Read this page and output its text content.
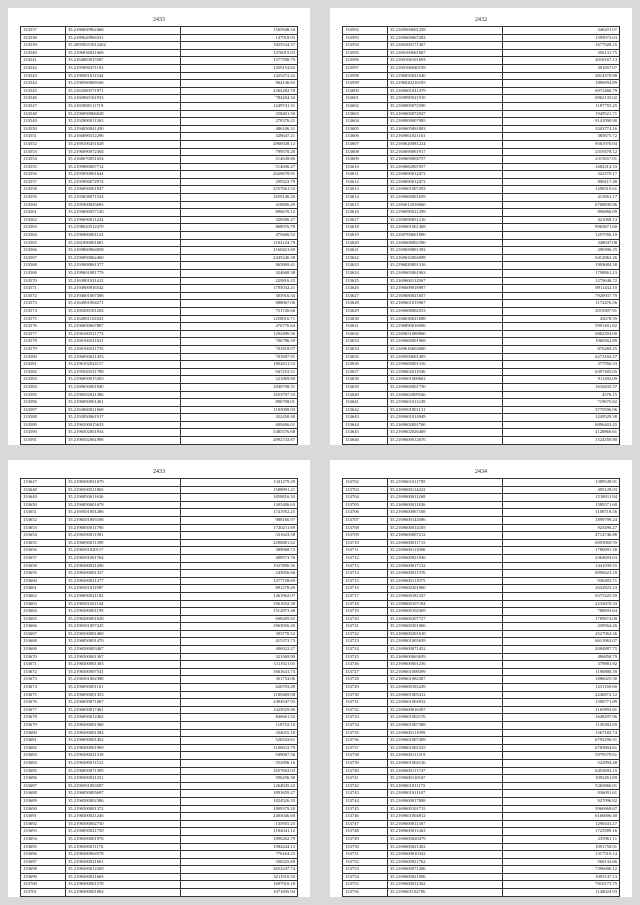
2433
133537	35.2186050962466	1565948.34
133538	35.2189620966331	147918.93
133539	35.20958551012262	1825534.37
133540	35.2196036021669	1476015.03
133541	35.2164683015587	1577598.79
133542	35.2195006371103	1459154.82
133543	35.2196901611544	1425472.42
133544	35.2196560068166	964146.65
133545	35.2163360571971	2264282.78
133546	35.2160060161933	784204.34
133547	35.2165008111719	1249741.31
133548	35.2196850066628	258401.56
133549	35.2192900011363	278376.21
133550	35.2194050041430	486106.31
133551	35.2166090312296	328647.21
133552	35.2169100451628	2966928.12
133553	35.2196090072304	799578.20
133554	35.2168670051654	514638.86
133555	35.2199800067712	514696.27
133556	35.2195850061644	2620678.91
133557	35.2193906072974	299323.79
133558	35.2196850061947	2557661.53
133559	35.2193658071534	1659146.26
133560	35.2195900025693	418896.49
133561	35.2193600057120	896670.12
133562	35.2196690011424	328396.27
133563	35.2198620512470	868976.78
133564	35.2196900061122	479466.52
133565	35.2161090061681	1162124.79
133566	35.2169860064858	2160421.60
133567	35.2196850062460	2445246.38
133568	35.2193908061377	865869.41
133569	35.2199601081779	324668.38
133570	35.2163901031412	229816.25
133571	35.2194900016542	1795032.21
133572	35.2194601007306	305916.34
133573	35.2164901004271	888067.06
133574	35.2169200101204	751726.66
133575	35.2164901101823	1258016.71
133576	35.2196850067867	476776.64
133577	35.2196100521774	1292496.56
133578	35.2169100521631	706786.59
133579	35.2169100521735	701818.97
133580	35.2196850621453	701697.91
133581	35.2196102024117	1802611.53
133582	35.2195020531788	947253.51
133583	35.2196850015303	221869.80
133584	35.2169650061840	1840798.31
133585	35.2196502021386	1653797.33
133586	35.2196850061461	896708.01
133587	35.2163000021668	1103008.03
133588	35.2192850961917	352450.30
133589	35.2196500015633	609466.01
133590	35.2196502001934	5485376.68
133591	35.2196502061896	2892743.87
2432
133592	35.2169500601258	346201.07
133593	35.2169600067283	1599072.63
133594	35.2160200171367	1677928.25
133595	35.2169100661067	356131.75
133596	35.2169106101693	2016167.13
133597	35.2169106040159	301657.07
133598	35.2196850021640	2814379.98
133599	35.2196020216195	1896994.89
133600	35.2169601041479	6972466.79
133601	35.2169090521910	6962135.02
133602	35.2169005072590	1187755.25
133603	35.2169600072947	1949521.71
133604	35.2168909007985	9141090.90
133605	35.2169605061803	3303774.16
133606	35.2169061021161	385675.72
133607	35.2169620081224	9561970.04
133608	35.2160690061917	2319478.12
133609	35.2169609004757	2315657.01
133610	35.2169682001957	1682314.33
133611	35.2169690012472	322370.17
133612	35.2169690012472	896117.48
133613	35.2169601007293	1296519.61
133614	35.2169600001659	413961.17
133615	35.2169012018660	6768839.86
133616	35.2196090021299	896866.09
133617	35.2169690051216	421068.13
133618	35.2169601061368	9963671.60
133619	35.2169700601800	1257956.10
133620	35.2169608002390	348047.08
133621	35.2169658001392	290396.25
133622	35.2169632004098	6412962.26
133623	35.2196820001316	1993684.38
133624	35.2169605061963	1798861.23
133625	35.2169600112967	1279646.72
133626	35.2196609018987	8911432.10
133627	35.2169680021657	7926937.79
133628	35.2169601015967	1172476.56
133629	35.2169608002553	2019307.91
133630	35.2168630021688	43678.59
133631	35.2196890016906	5991401.82
133632	35.2169651088860	6862304.00
133633	35.2169600001968	1960562.89
133634	35.2169616602060	876269.25
133635	35.2169500601485	6273184.47
133636	35.2169600001316	377956.53
133637	35.2169602011946	6397405.65
133638	35.2169601000602	911492.09
133639	35.2169600001750	1616435.37
133640	35.2169602009546	4376.15
133641	35.2169601011249	719675.62
133642	35.2169501001131	3770596.06
133643	35.2169601014949	1249529.38
133644	35.2169602001760	6996402.45
133645	35.2169602026409	2128860.61
133646	35.2169600012670	1524350.80
2433
133647	35.2196500051679	1341279.29
133648	35.2196500521865	1588891.21
133649	35.2196850611636	1858816.33
133650	35.2196850601679	1305406.63
133651	35.2169501001286	1741952.25
133652	35.2196501005106	988166.97
133653	35.2196850011790	1720211.69
133654	35.2196500011391	331623.58
133655	35.2196850011399	2296881.62
133656	35.2196501020117	389068.72
133657	35.2196501001764	408573.76
133658	35.2196500021290	1927890.56
133659	35.2196500001327	243956.66
133660	35.2196500021277	1477728.69
133661	35.2196501011987	891278.49
133662	35.2196850021182	1461962.07
133663	35.2196501021144	1961652.38
133664	35.2196500061199	1512873.46
133665	35.2196500001628	698285.65
133666	35.2196501007245	1963956.26
133667	35.2196500001469	393770.52
133668	35.2196850001470	415373.73
133669	35.2196500003467	496922.27
133670	35.2196500001367	323369.90
133671	35.2196500001303	1111921.01
133672	35.2196500007541	1661641.73
133673	35.2196501002388	351754.06
133674	35.2196850001161	626703.49
133675	35.2196850001353	1189469.08
133676	35.2196850071087	2494947.93
133677	35.2196850017461	1425029.90
133678	35.2196850012462	846661.32
133679	35.2196500001360	118752.10
133680	35.2196500001384	334655.18
133681	35.2196850001402	526543.61
133682	35.2196500061969	1106633.79
133683	35.2196500021318	949067.56
133684	35.2196500011512	552896.16
133685	35.2196850071395	1657663.03
133686	35.2196500021251	596256.38
133687	35.2196501003587	1264945.22
133688	35.2196850005697	1891659.27
133689	35.2196500002386	1824526.33
133690	35.2196500001372	1809379.20
133691	35.2196500021246	2403046.60
133692	35.2196500002750	135955.25
133693	35.2196850021750	1182041.12
133694	35.2196500061976	1896262.79
133695	35.2196500011176	1982444.13
133696	35.2196500064578	776164.25
133697	35.2196500021661	336325.69
133698	35.2196500012269	2652247.74
133699	35.2196500021665	3211910.33
133700	35.2196500061578	1697916.18
133701	35.2196500001884	1071695.94
2434
133702	35.2169601011795	1389549.91
133703	35.2169600114422	495128.03
133704	35.2169600011268	1518011.94
133705	35.2169600011826	1589571.68
133706	35.2169600067108	1108718.56
133707	35.2169600144586	1899799.24
133708	35.2169600014105	923496.27
133709	35.2169600007212	4714746.88
133710	35.2169600011715	6993969.59
133711	35.2169600111006	1780091.30
133712	35.2169600021836	2364693.63
133713	35.2169600017132	1441939.55
133714	35.2169600011376	6996623.18
133715	35.2169600111975	936483.71
133716	35.2169600201960	2632825.23
133717	35.2169600181337	6575225.59
133718	35.2169600107184	2233670.33
133719	35.2169600104369	788693.64
133720	35.2169600207727	1789674.08
133721	35.2169600201066	239564.26
133722	35.2169600201610	2527962.36
133723	35.2169601005638	6613963.07
133724	35.2169600071452	2084887.75
133725	35.2169600063659	496858.79
133726	35.2169600001236	379881.92
133727	35.2169601008399	1196886.39
133728	35.2169601082367	1886025.30
133729	35.2169600183249	1251169.60
133730	35.2169601005412	2246872.12
133731	35.2169601004932	1596771.89
133732	35.2169600016397	2165893.81
133733	35.2169601002176	1648297.96
133734	35.2169601007388	1136392.69
133735	35.2169600111999	1567182.74
133736	35.2169601007409	6793296.51
133737	35.2169601002325	6783804.61
133738	35.2169600111319	5979379.61
133739	35.2169601004136	522994.48
133740	35.2169600111747	6453692.15
133741	35.2169600116547	1092261.69
133742	35.2169601011175	5265866.01
133743	35.2169601011107	936091.61
133744	35.2169600017808	927096.82
133745	35.2169600101715	5966969.67
133746	35.2169601004812	6166006.40
133747	35.2169600011307	1290441.27
133748	35.2169600011463	1723589.16
133749	35.2169600020479	235961.11
133750	35.2169600021402	1091750.01
133751	35.2169600010342	1317510.14
133752	35.2169600021762	566132.66
133753	35.2169600071206	7396006.12
133754	35.2169600021906	1095147.13
133755	35.2169600011362	7810175.75
133756	35.2169601102796	1148024.93
